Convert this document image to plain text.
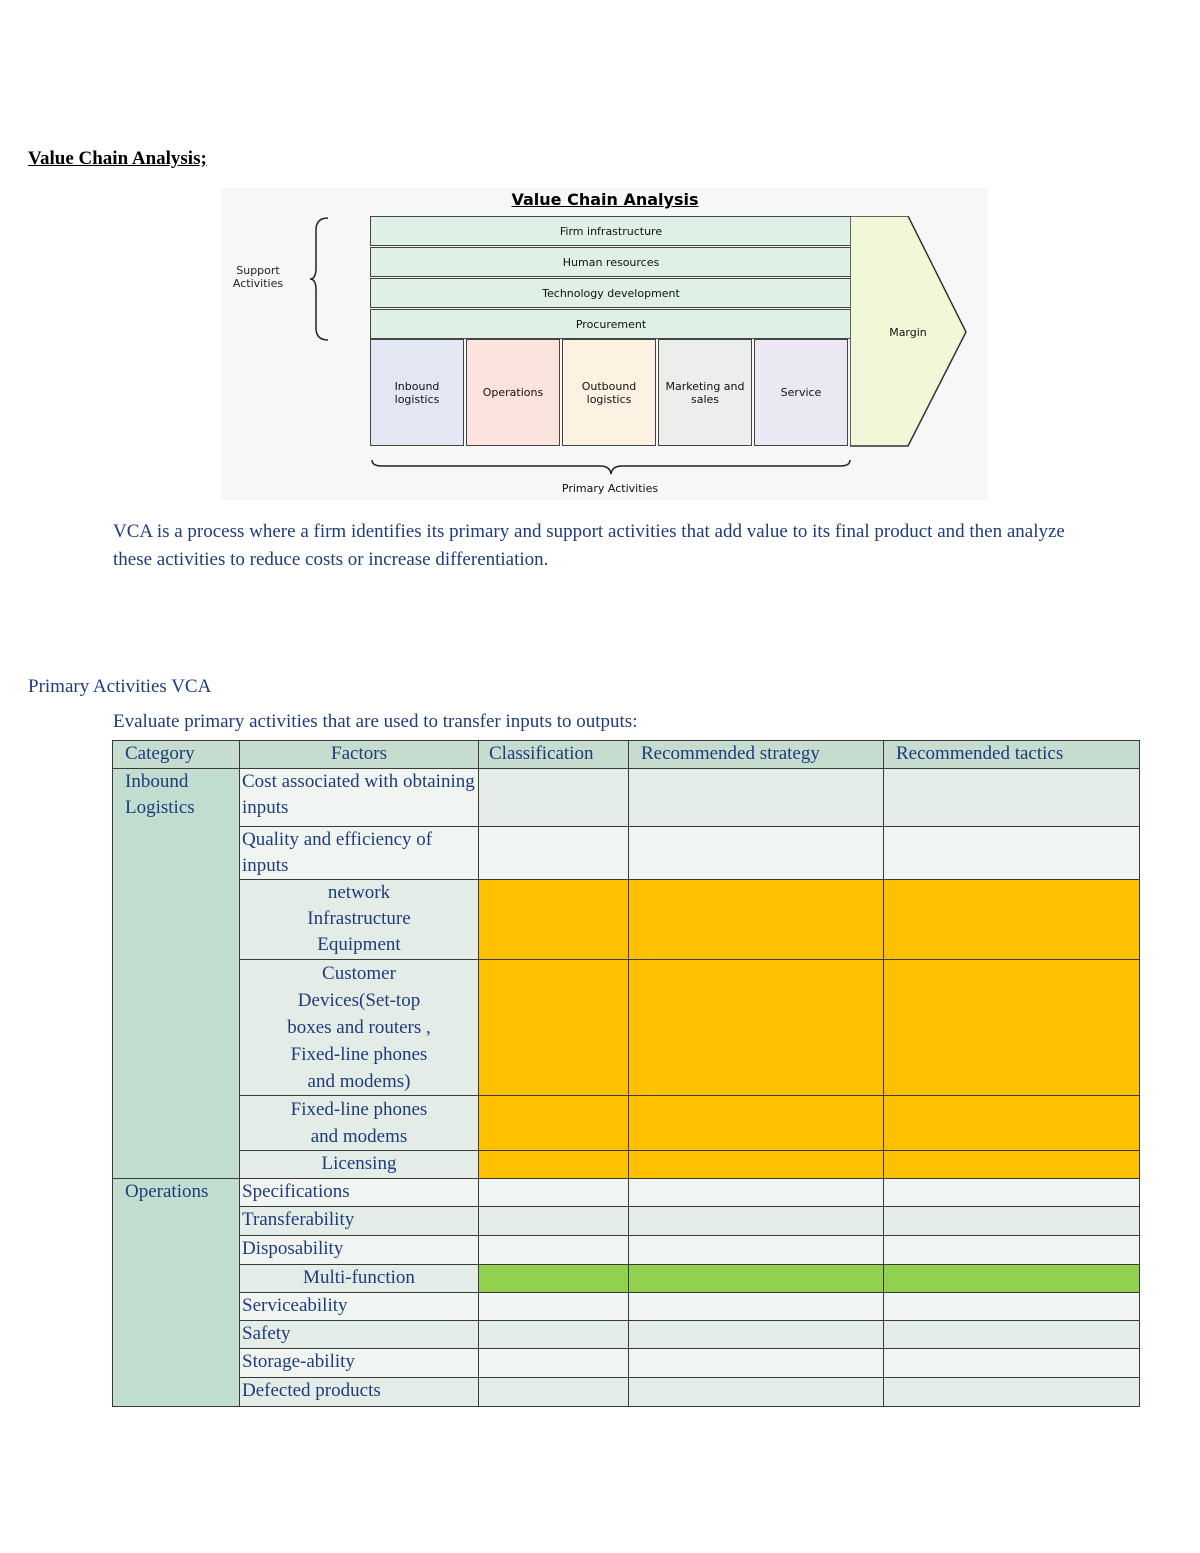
Value Chain Analysis;
Value Chain Analysis
Support Activities
Firm infrastructure
Human resources
Technology development
Procurement
Inbound logistics	Operations	Outbound logistics
Marketing and sales	Service
Margin
Primary Activities
VCA is a process where a firm identifies its primary and support activities that add value to its final product and then analyze these activities to reduce costs or increase differentiation.
Primary Activities VCA
Evaluate primary activities that are used to transfer inputs to outputs:
Category	Factors	Classification	Recommended strategy	Recommended tactics
Inbound Logistics	Cost associated with obtaining inputs			
	Quality and efficiency of inputs			
	network Infrastructure Equipment			
	Customer Devices(Set-top boxes and routers , Fixed-line phones and modems)			
	Fixed-line phones and modems			
	Licensing			
Operations	Specifications			
	Transferability			
	Disposability			
	Multi-function			
	Serviceability			
	Safety			
	Storage-ability			
	Defected products			
